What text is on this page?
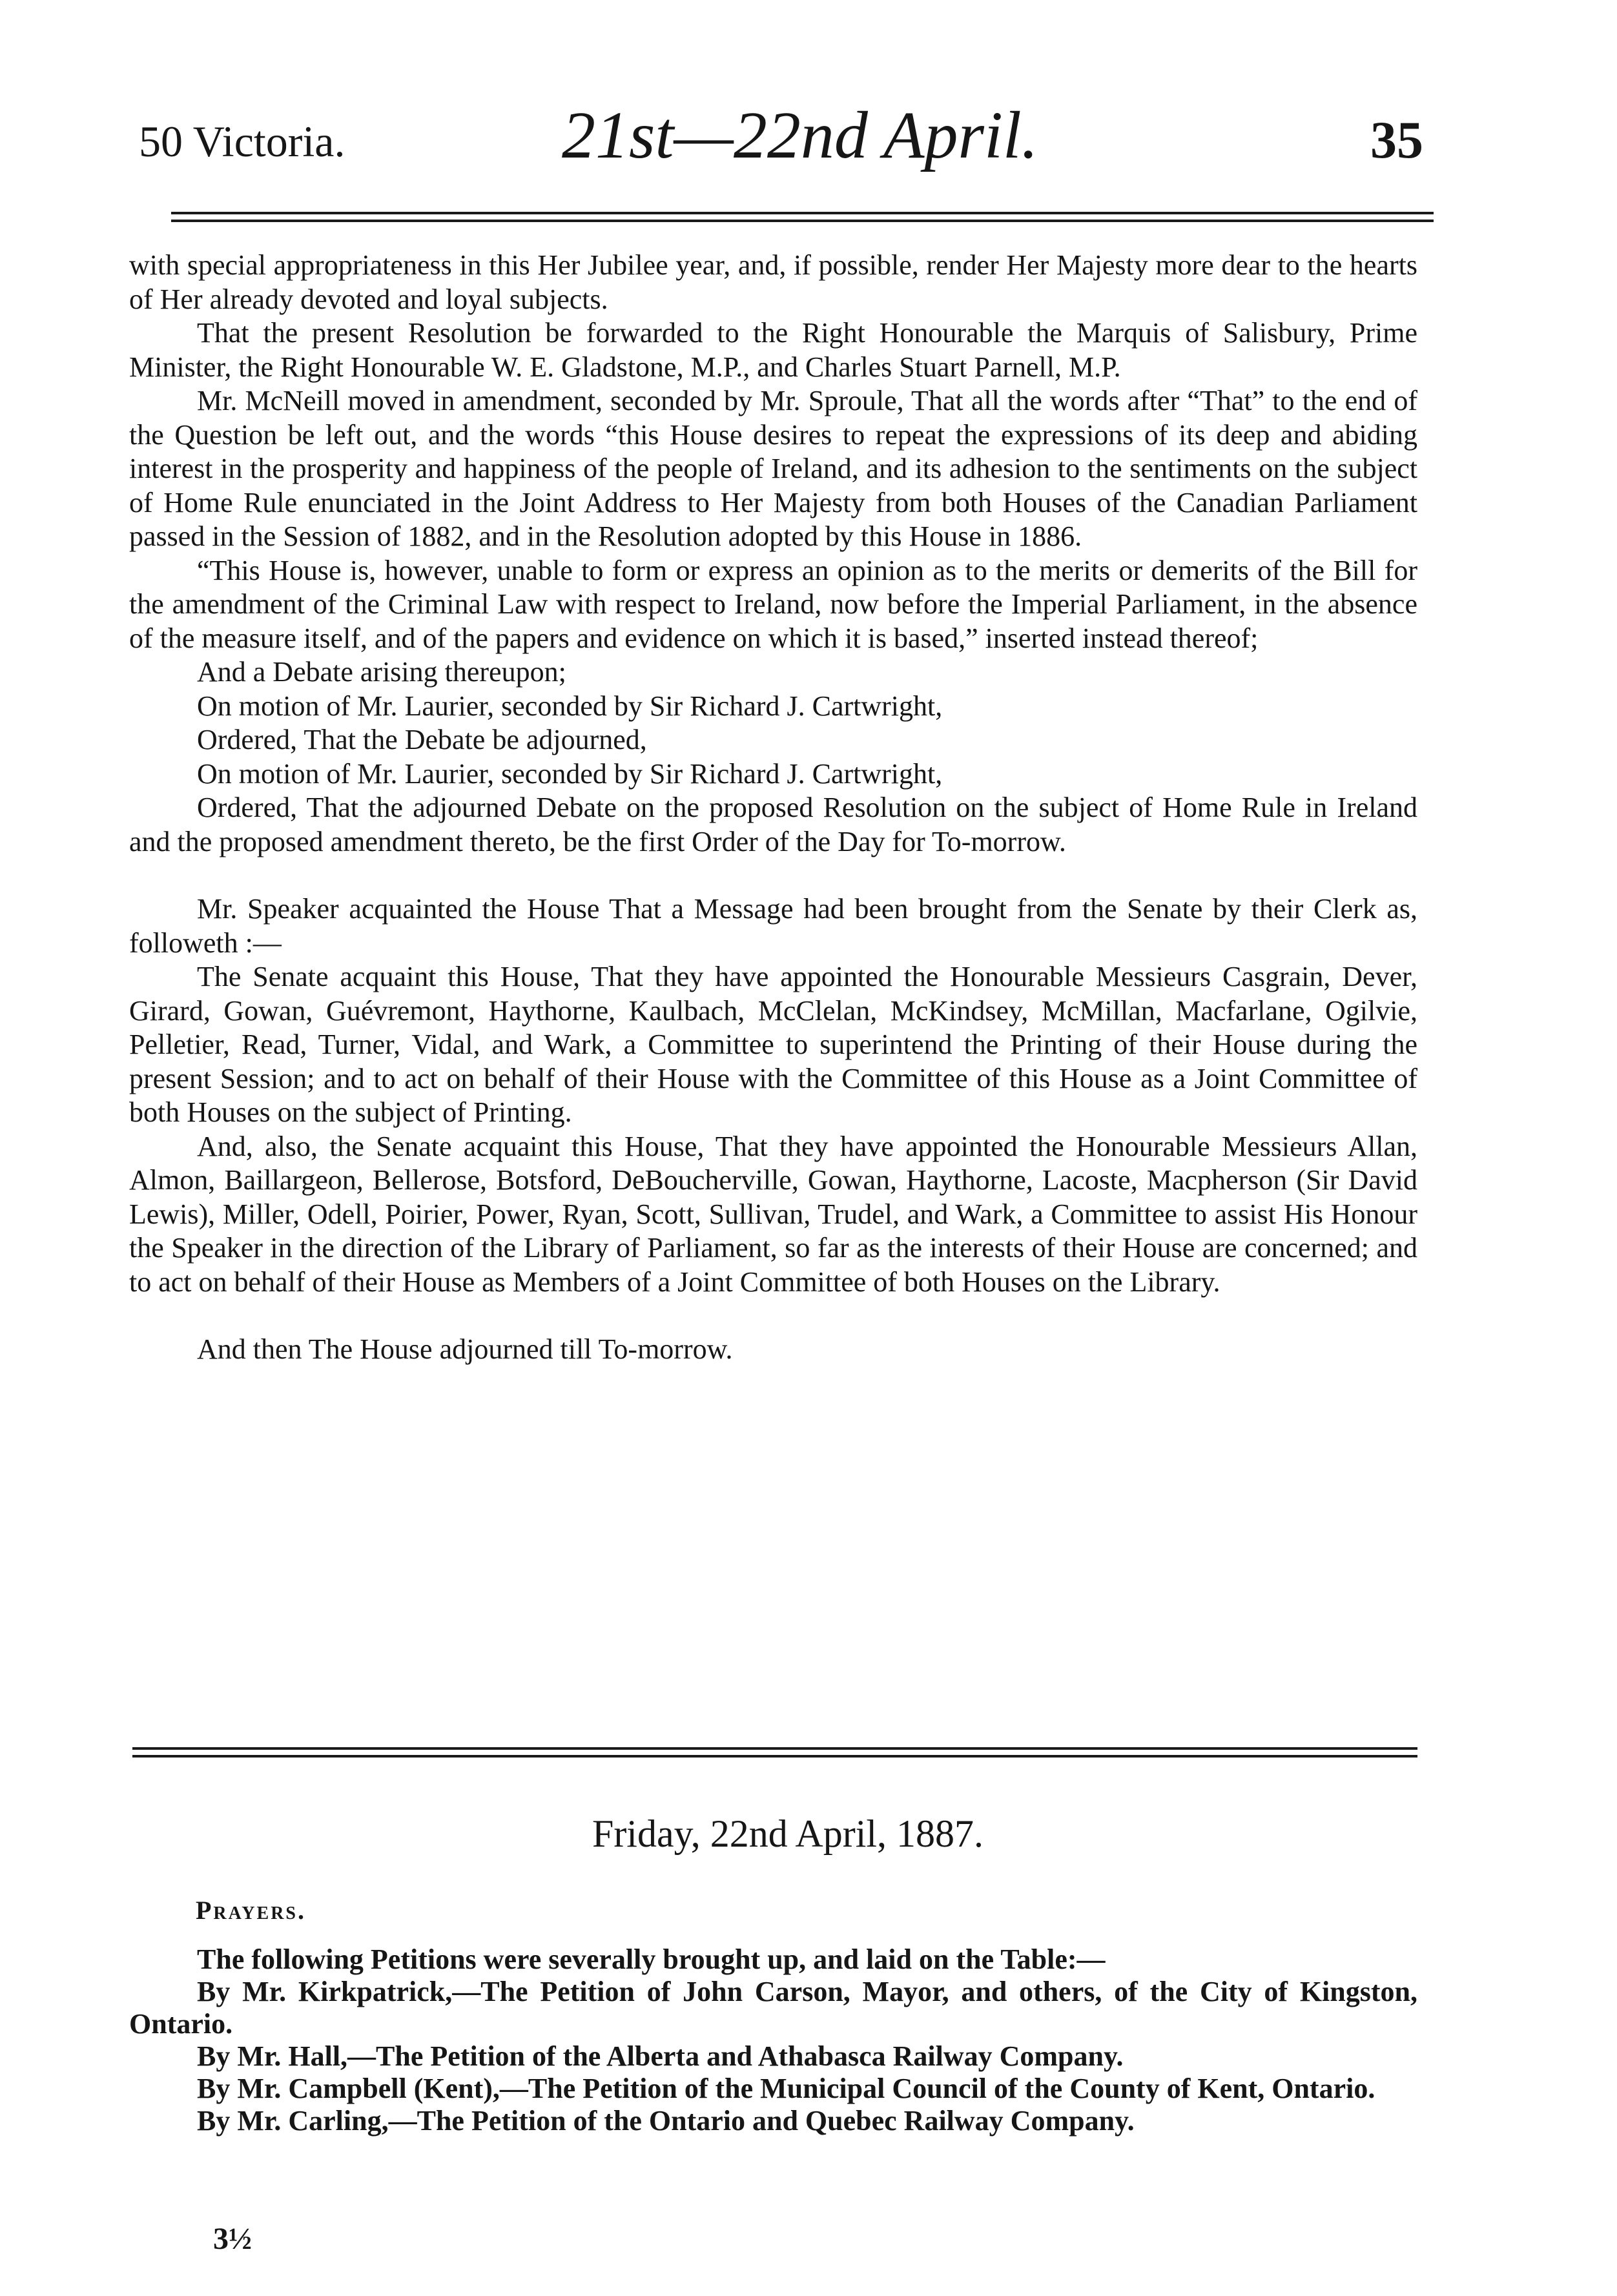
50 Victoria.	21st—22nd April.	35

with special appropriateness in this Her Jubilee year, and, if possible, render Her Majesty more dear to the hearts of Her already devoted and loyal subjects.

That the present Resolution be forwarded to the Right Honourable the Marquis of Salisbury, Prime Minister, the Right Honourable W. E. Gladstone, M.P., and Charles Stuart Parnell, M.P.

Mr. McNeill moved in amendment, seconded by Mr. Sproule, That all the words after “That” to the end of the Question be left out, and the words “this House desires to repeat the expressions of its deep and abiding interest in the prosperity and happiness of the people of Ireland, and its adhesion to the sentiments on the subject of Home Rule enunciated in the Joint Address to Her Majesty from both Houses of the Canadian Parliament passed in the Session of 1882, and in the Resolution adopted by this House in 1886.

“This House is, however, unable to form or express an opinion as to the merits or demerits of the Bill for the amendment of the Criminal Law with respect to Ireland, now before the Imperial Parliament, in the absence of the measure itself, and of the papers and evidence on which it is based,” inserted instead thereof;

And a Debate arising thereupon;

On motion of Mr. Laurier, seconded by Sir Richard J. Cartwright,

Ordered, That the Debate be adjourned,

On motion of Mr. Laurier, seconded by Sir Richard J. Cartwright,

Ordered, That the adjourned Debate on the proposed Resolution on the subject of Home Rule in Ireland and the proposed amendment thereto, be the first Order of the Day for To-morrow.

Mr. Speaker acquainted the House That a Message had been brought from the Senate by their Clerk as, followeth :—

The Senate acquaint this House, That they have appointed the Honourable Messieurs Casgrain, Dever, Girard, Gowan, Guévremont, Haythorne, Kaulbach, McClelan, McKindsey, McMillan, Macfarlane, Ogilvie, Pelletier, Read, Turner, Vidal, and Wark, a Committee to superintend the Printing of their House during the present Session; and to act on behalf of their House with the Committee of this House as a Joint Committee of both Houses on the subject of Printing.

And, also, the Senate acquaint this House, That they have appointed the Honourable Messieurs Allan, Almon, Baillargeon, Bellerose, Botsford, DeBoucherville, Gowan, Haythorne, Lacoste, Macpherson (Sir David Lewis), Miller, Odell, Poirier, Power, Ryan, Scott, Sullivan, Trudel, and Wark, a Committee to assist His Honour the Speaker in the direction of the Library of Parliament, so far as the interests of their House are concerned; and to act on behalf of their House as Members of a Joint Committee of both Houses on the Library.

And then The House adjourned till To-morrow.

Friday, 22nd April, 1887.
Prayers.

The following Petitions were severally brought up, and laid on the Table:—

By Mr. Kirkpatrick,—The Petition of John Carson, Mayor, and others, of the City of Kingston, Ontario.

By Mr. Hall,—The Petition of the Alberta and Athabasca Railway Company.

By Mr. Campbell (Kent),—The Petition of the Municipal Council of the County of Kent, Ontario.

By Mr. Carling,—The Petition of the Ontario and Quebec Railway Company.

3½
